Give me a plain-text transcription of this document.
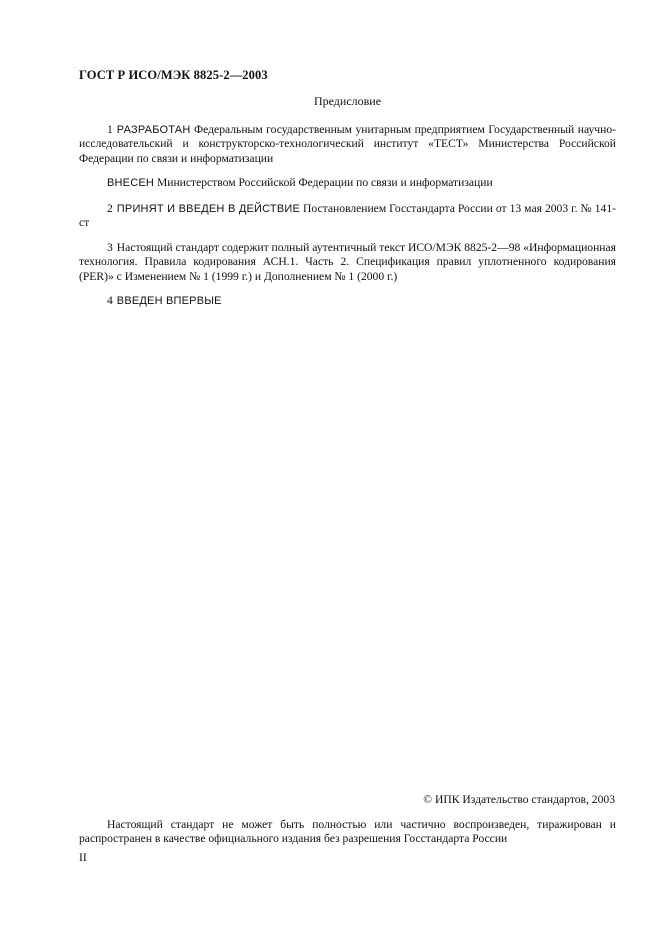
ГОСТ Р ИСО/МЭК 8825-2—2003
Предисловие

1 РАЗРАБОТАН Федеральным государственным унитарным предприятием Государственный научно-исследовательский и конструкторско-технологический институт «ТЕСТ» Министерства Российской Федерации по связи и информатизации

ВНЕСЕН Министерством Российской Федерации по связи и информатизации

2 ПРИНЯТ И ВВЕДЕН В ДЕЙСТВИЕ Постановлением Госстандарта России от 13 мая 2003 г. № 141-ст

3 Настоящий стандарт содержит полный аутентичный текст ИСО/МЭК 8825-2—98 «Информационная технология. Правила кодирования АСН.1. Часть 2. Спецификация правил уплотненного кодирования (PER)» с Изменением № 1 (1999 г.) и Дополнением № 1 (2000 г.)

4 ВВЕДЕН ВПЕРВЫЕ

© ИПК Издательство стандартов, 2003

Настоящий стандарт не может быть полностью или частично воспроизведен, тиражирован и распространен в качестве официального издания без разрешения Госстандарта России

II
